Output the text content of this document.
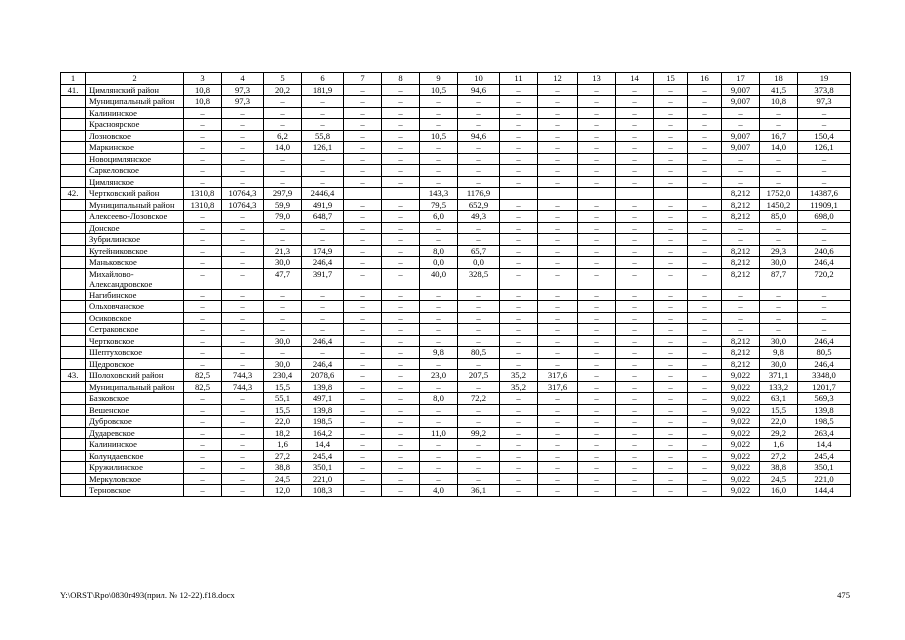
1	2	3	4	5	6	7	8	9	10	11	12	13	14	15	16	17	18	19
41.	Цимлянский район	10,8	97,3	20,2	181,9	–	–	10,5	94,6	–	–	–	–	–	–	9,007	41,5	373,8
	Муниципальный район	10,8	97,3	–	–	–	–	–	–	–	–	–	–	–	–	9,007	10,8	97,3
	Калининское	–	–	–	–	–	–	–	–	–	–	–	–	–	–	–	–	–
	Красноярское	–	–	–	–	–	–	–	–	–	–	–	–	–	–	–	–	–
	Лозновское	–	–	6,2	55,8	–	–	10,5	94,6	–	–	–	–	–	–	9,007	16,7	150,4
	Маркинское	–	–	14,0	126,1	–	–	–	–	–	–	–	–	–	–	9,007	14,0	126,1
	Новоцимлянское	–	–	–	–	–	–	–	–	–	–	–	–	–	–	–	–	–
	Саркеловское	–	–	–	–	–	–	–	–	–	–	–	–	–	–	–	–	–
	Цимлянское	–	–	–	–	–	–	–	–	–	–	–	–	–	–	–	–	–
42.	Чертковский район	1310,8	10764,3	297,9	2446,4			143,3	1176,9							8,212	1752,0	14387,6
	Муниципальный район	1310,8	10764,3	59,9	491,9	–	–	79,5	652,9	–	–	–	–	–	–	8,212	1450,2	11909,1
	Алексеево-Лозовское	–	–	79,0	648,7	–	–	6,0	49,3	–	–	–	–	–	–	8,212	85,0	698,0
	Донское	–	–	–	–	–	–	–	–	–	–	–	–	–	–	–	–	–
	Зубрилинское	–	–	–	–	–	–	–	–	–	–	–	–	–	–	–	–	–
	Кутейниковское	–	–	21,3	174,9	–	–	8,0	65,7	–	–	–	–	–	–	8,212	29,3	240,6
	Маньковское	–	–	30,0	246,4	–	–	0,0	0,0	–	–	–	–	–	–	8,212	30,0	246,4
	Михайлово-Александровское	–	–	47,7	391,7	–	–	40,0	328,5	–	–	–	–	–	–	8,212	87,7	720,2
	Нагибинское	–	–	–	–	–	–	–	–	–	–	–	–	–	–	–	–	–
	Ольховчанское	–	–	–	–	–	–	–	–	–	–	–	–	–	–	–	–	–
	Осиковское	–	–	–	–	–	–	–	–	–	–	–	–	–	–	–	–	–
	Сетраковское	–	–	–	–	–	–	–	–	–	–	–	–	–	–	–	–	–
	Чертковское	–	–	30,0	246,4	–	–	–	–	–	–	–	–	–	–	8,212	30,0	246,4
	Шептуховское	–	–	–	–	–	–	9,8	80,5	–	–	–	–	–	–	8,212	9,8	80,5
	Щедровское	–	–	30,0	246,4	–	–	–	–	–	–	–	–	–	–	8,212	30,0	246,4
43.	Шолоховский район	82,5	744,3	230,4	2078,6	–	–	23,0	207,5	35,2	317,6	–	–	–	–	9,022	371,1	3348,0
	Муниципальный район	82,5	744,3	15,5	139,8	–	–	–	–	35,2	317,6	–	–	–	–	9,022	133,2	1201,7
	Базковское	–	–	55,1	497,1	–	–	8,0	72,2	–	–	–	–	–	–	9,022	63,1	569,3
	Вешенское	–	–	15,5	139,8	–	–	–	–	–	–	–	–	–	–	9,022	15,5	139,8
	Дубровское	–	–	22,0	198,5	–	–	–	–	–	–	–	–	–	–	9,022	22,0	198,5
	Дударевское	–	–	18,2	164,2	–	–	11,0	99,2	–	–	–	–	–	–	9,022	29,2	263,4
	Калининское	–	–	1,6	14,4	–	–	–	–	–	–	–	–	–	–	9,022	1,6	14,4
	Колундаевское	–	–	27,2	245,4	–	–	–	–	–	–	–	–	–	–	9,022	27,2	245,4
	Кружилинское	–	–	38,8	350,1	–	–	–	–	–	–	–	–	–	–	9,022	38,8	350,1
	Меркуловское	–	–	24,5	221,0	–	–	–	–	–	–	–	–	–	–	9,022	24,5	221,0
	Терновское	–	–	12,0	108,3	–	–	4,0	36,1	–	–	–	–	–	–	9,022	16,0	144,4
Y:\ORST\Rpo\0830r493(прил. № 12-22).f18.docx	475
